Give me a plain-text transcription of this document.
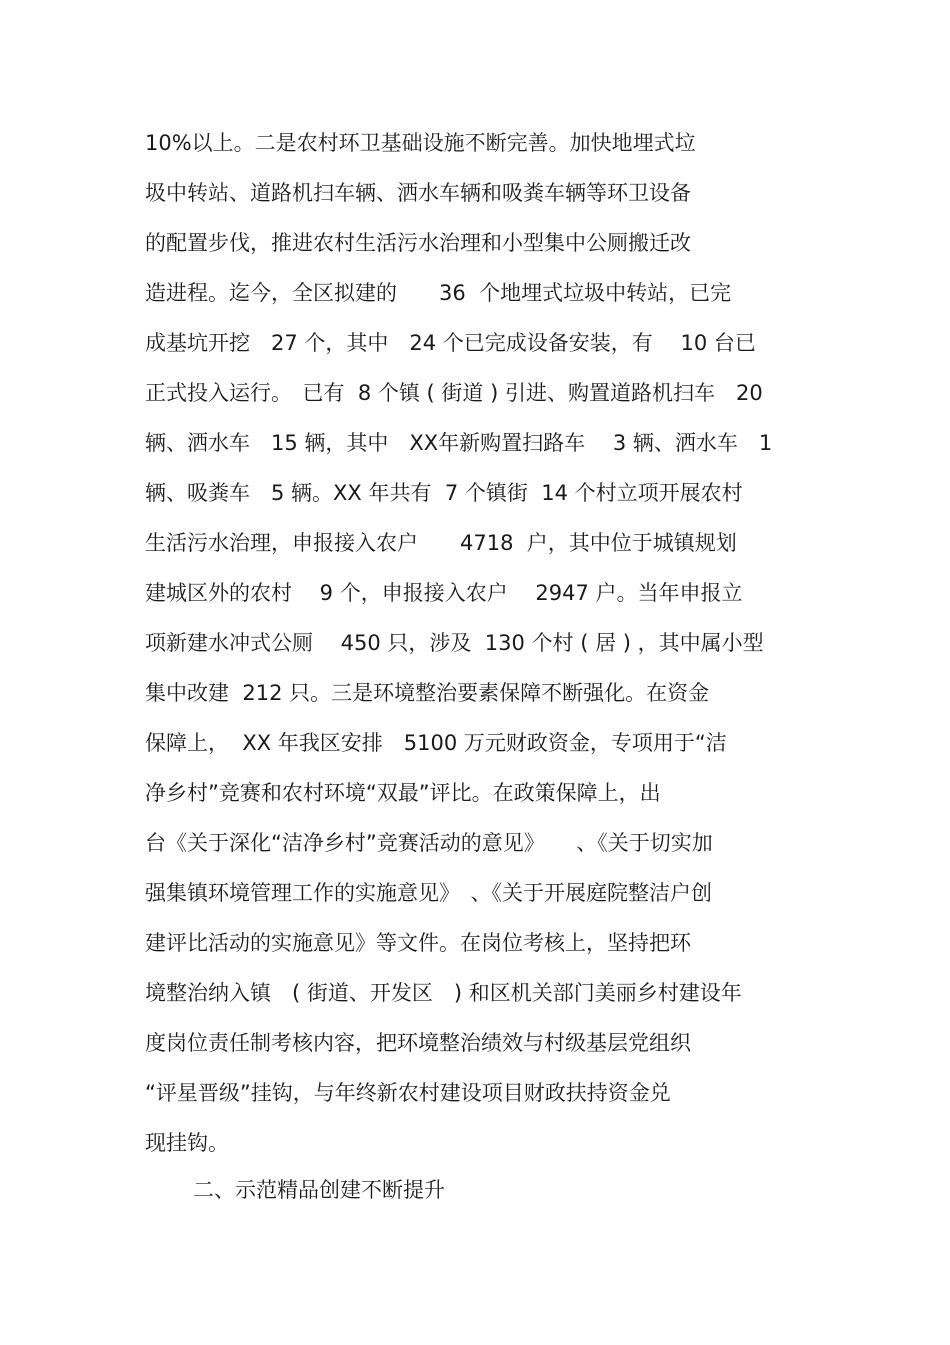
10%以上。二是农村环卫基础设施不断完善。加快地埋式垃
圾中转站、道路机扫车辆、洒水车辆和吸粪车辆等环卫设备
的配置步伐，推进农村生活污水治理和小型集中公厕搬迁改
造进程。迄今，全区拟建的　　36  个地埋式垃圾中转站，已完
成基坑开挖　27 个，其中　24 个已完成设备安装，有　 10 台已
正式投入运行。　已有  8 个镇 ( 街道 ) 引进、购置道路机扫车　20
辆、洒水车　15 辆，其中　XX年新购置扫路车　 3 辆、洒水车　1
辆、吸粪车　5 辆。XX 年共有  7 个镇街  14 个村立项开展农村
生活污水治理，申报接入农户　　4718  户，其中位于城镇规划
建城区外的农村　 9 个，申报接入农户　 2947 户。当年申报立
项新建水冲式公厕　 450 只，涉及  130 个村 ( 居 ) ，其中属小型
集中改建  212 只。三是环境整治要素保障不断强化。在资金
保障上，  XX 年我区安排　5100 万元财政资金，专项用于“洁
净乡村”竞赛和农村环境“双最”评比。在政策保障上，出
台《关于深化“洁净乡村”竞赛活动的意见》　　、《关于切实加
强集镇环境管理工作的实施意见》　、《关于开展庭院整洁户创
建评比活动的实施意见》等文件。在岗位考核上，坚持把环
境整治纳入镇　( 街道、开发区　) 和区机关部门美丽乡村建设年
度岗位责任制考核内容，把环境整治绩效与村级基层党组织
“评星晋级”挂钩，与年终新农村建设项目财政扶持资金兑
现挂钩。
二、示范精品创建不断提升
